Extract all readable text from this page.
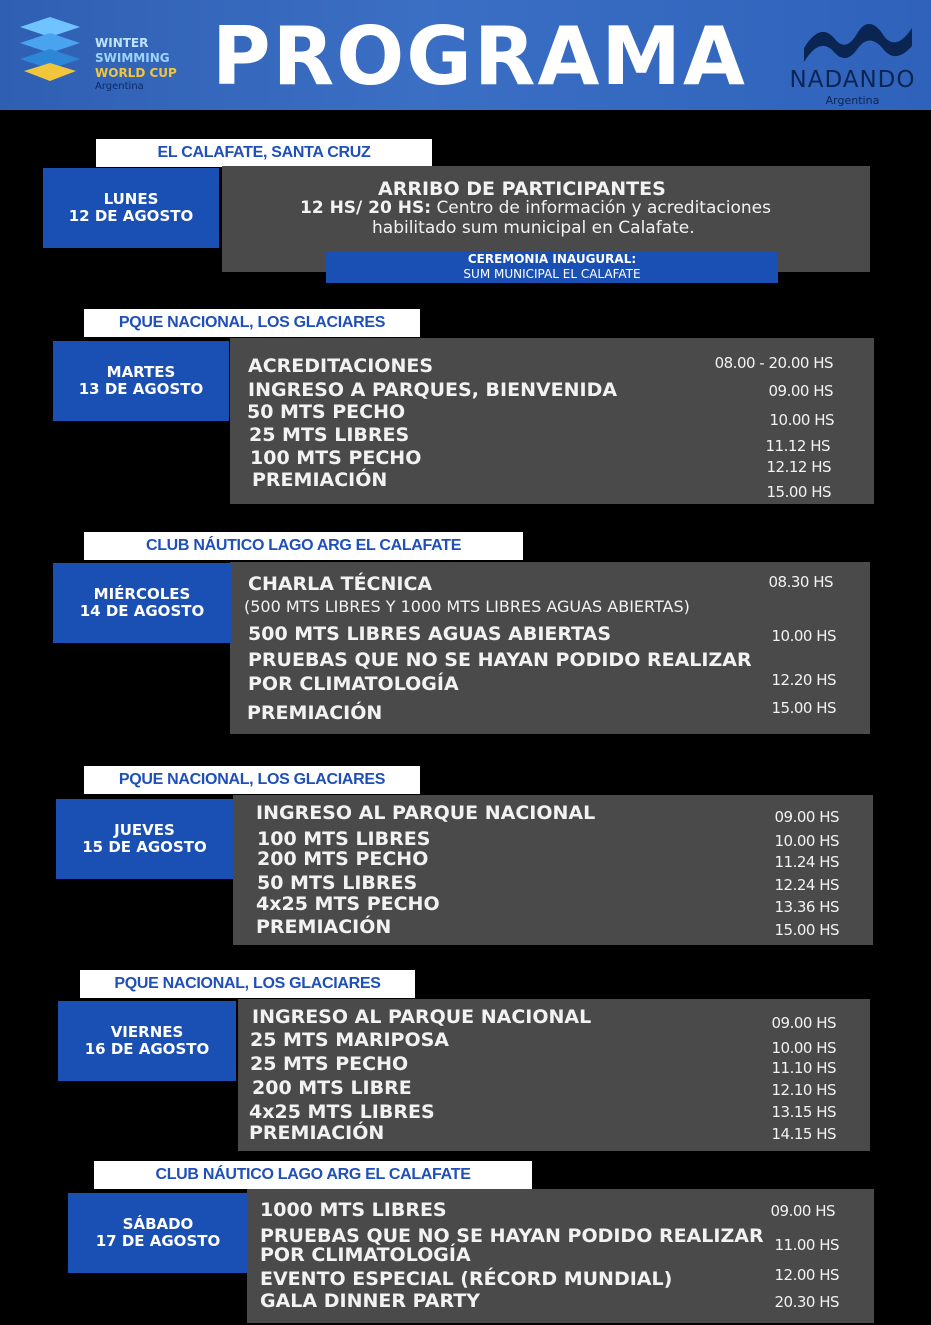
WINTER
SWIMMING
WORLD CUP
Argentina PROGRAMA	NADANDO
Argentina
EL CALAFATE, SANTA CRUZ
LUNES
12 DE AGOSTO
ARRIBO DE PARTICIPANTES
12 HS/ 20 HS: Centro de información y acreditaciones
habilitado sum municipal en Calafate.
CEREMONIA INAUGURAL:
SUM MUNICIPAL EL CALAFATE
PQUE NACIONAL, LOS GLACIARES
MARTES
13 DE AGOSTO
ACREDITACIONES
INGRESO A PARQUES, BIENVENIDA
50 MTS PECHO
25 MTS LIBRES
100 MTS PECHO
PREMIACIÓN
08.00 - 20.00 HS
09.00 HS
10.00 HS
11.12 HS
12.12 HS
15.00 HS
CLUB NÁUTICO LAGO ARG EL CALAFATE
MIÉRCOLES
14 DE AGOSTO
CHARLA TÉCNICA
(500 MTS LIBRES Y 1000 MTS LIBRES AGUAS ABIERTAS)
500 MTS LIBRES AGUAS ABIERTAS
PRUEBAS QUE NO SE HAYAN PODIDO REALIZAR
POR CLIMATOLOGÍA
PREMIACIÓN
08.30 HS
10.00 HS
12.20 HS
15.00 HS
PQUE NACIONAL, LOS GLACIARES
JUEVES
15 DE AGOSTO
INGRESO AL PARQUE NACIONAL
100 MTS LIBRES
200 MTS PECHO
50 MTS LIBRES
4x25 MTS PECHO
PREMIACIÓN
09.00 HS
10.00 HS
11.24 HS
12.24 HS
13.36 HS
15.00 HS
PQUE NACIONAL, LOS GLACIARES
VIERNES
16 DE AGOSTO
INGRESO AL PARQUE NACIONAL
25 MTS MARIPOSA
25 MTS PECHO
200 MTS LIBRE
4x25 MTS LIBRES
PREMIACIÓN
09.00 HS
10.00 HS
11.10 HS
12.10 HS
13.15 HS
14.15 HS
CLUB NÁUTICO LAGO ARG EL CALAFATE
SÁBADO
17 DE AGOSTO
1000 MTS LIBRES
PRUEBAS QUE NO SE HAYAN PODIDO REALIZAR
POR CLIMATOLOGÍA
EVENTO ESPECIAL (RÉCORD MUNDIAL)
GALA DINNER PARTY
09.00 HS
11.00 HS
12.00 HS
20.30 HS
